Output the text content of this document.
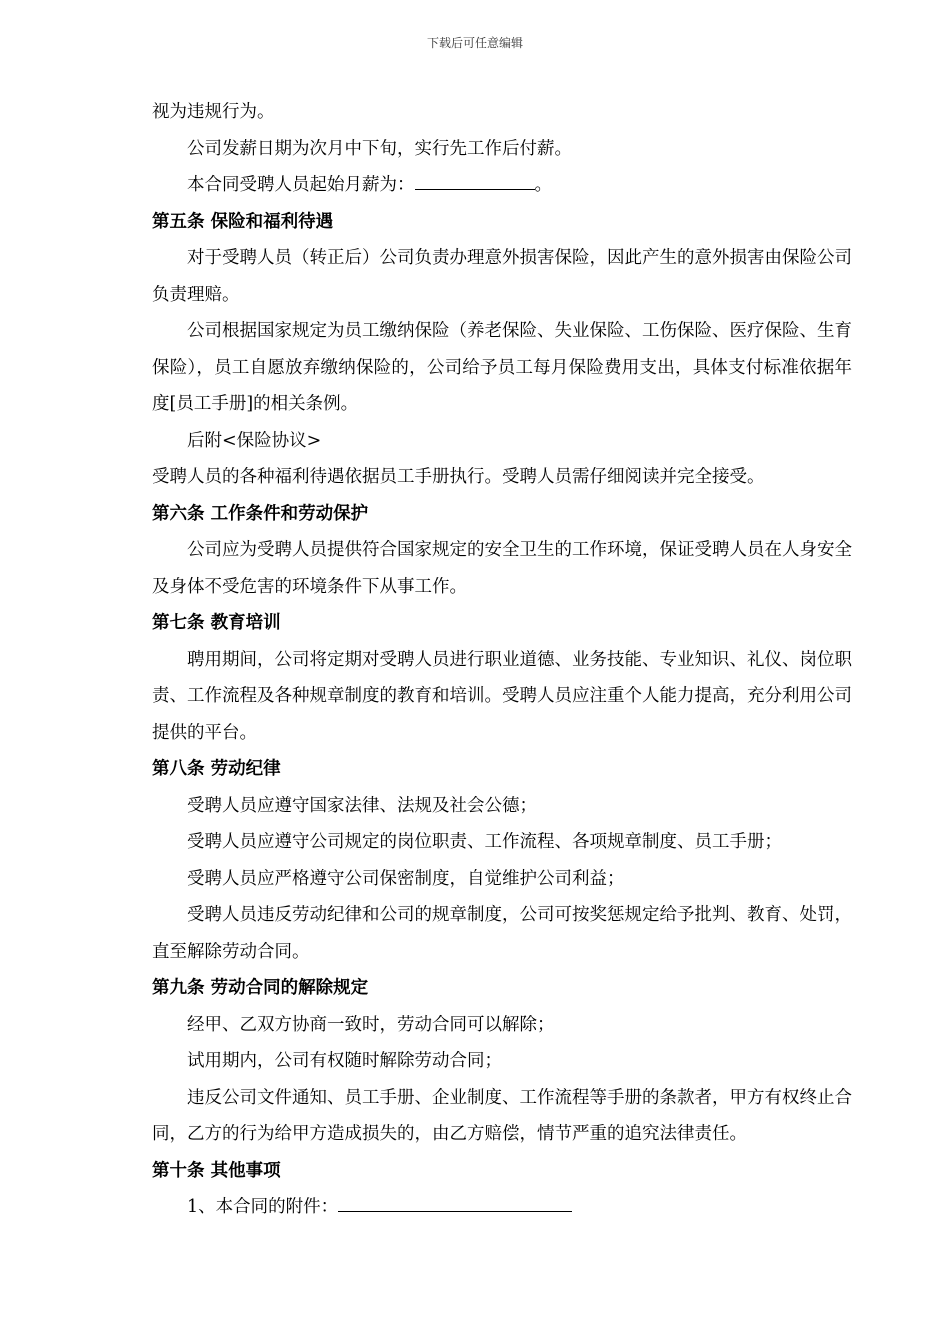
下载后可任意编辑

视为违规行为。

公司发薪日期为次月中下旬，实行先工作后付薪。

本合同受聘人员起始月薪为：	。

第五条 保险和福利待遇

对于受聘人员（转正后）公司负责办理意外损害保险，因此产生的意外损害由保险公司负责理赔。

公司根据国家规定为员工缴纳保险（养老保险、失业保险、工伤保险、医疗保险、生育保险），员工自愿放弃缴纳保险的，公司给予员工每月保险费用支出，具体支付标准依据年度[员工手册]的相关条例。

后附<保险协议>

受聘人员的各种福利待遇依据员工手册执行。受聘人员需仔细阅读并完全接受。

第六条 工作条件和劳动保护

公司应为受聘人员提供符合国家规定的安全卫生的工作环境，保证受聘人员在人身安全及身体不受危害的环境条件下从事工作。

第七条 教育培训

聘用期间，公司将定期对受聘人员进行职业道德、业务技能、专业知识、礼仪、岗位职责、工作流程及各种规章制度的教育和培训。受聘人员应注重个人能力提高，充分利用公司提供的平台。

第八条 劳动纪律

受聘人员应遵守国家法律、法规及社会公德；

受聘人员应遵守公司规定的岗位职责、工作流程、各项规章制度、员工手册；

受聘人员应严格遵守公司保密制度，自觉维护公司利益；

受聘人员违反劳动纪律和公司的规章制度，公司可按奖惩规定给予批判、教育、处罚，直至解除劳动合同。

第九条 劳动合同的解除规定

经甲、乙双方协商一致时，劳动合同可以解除；

试用期内，公司有权随时解除劳动合同；

违反公司文件通知、员工手册、企业制度、工作流程等手册的条款者，甲方有权终止合同，乙方的行为给甲方造成损失的，由乙方赔偿，情节严重的追究法律责任。

第十条 其他事项

1、本合同的附件：
